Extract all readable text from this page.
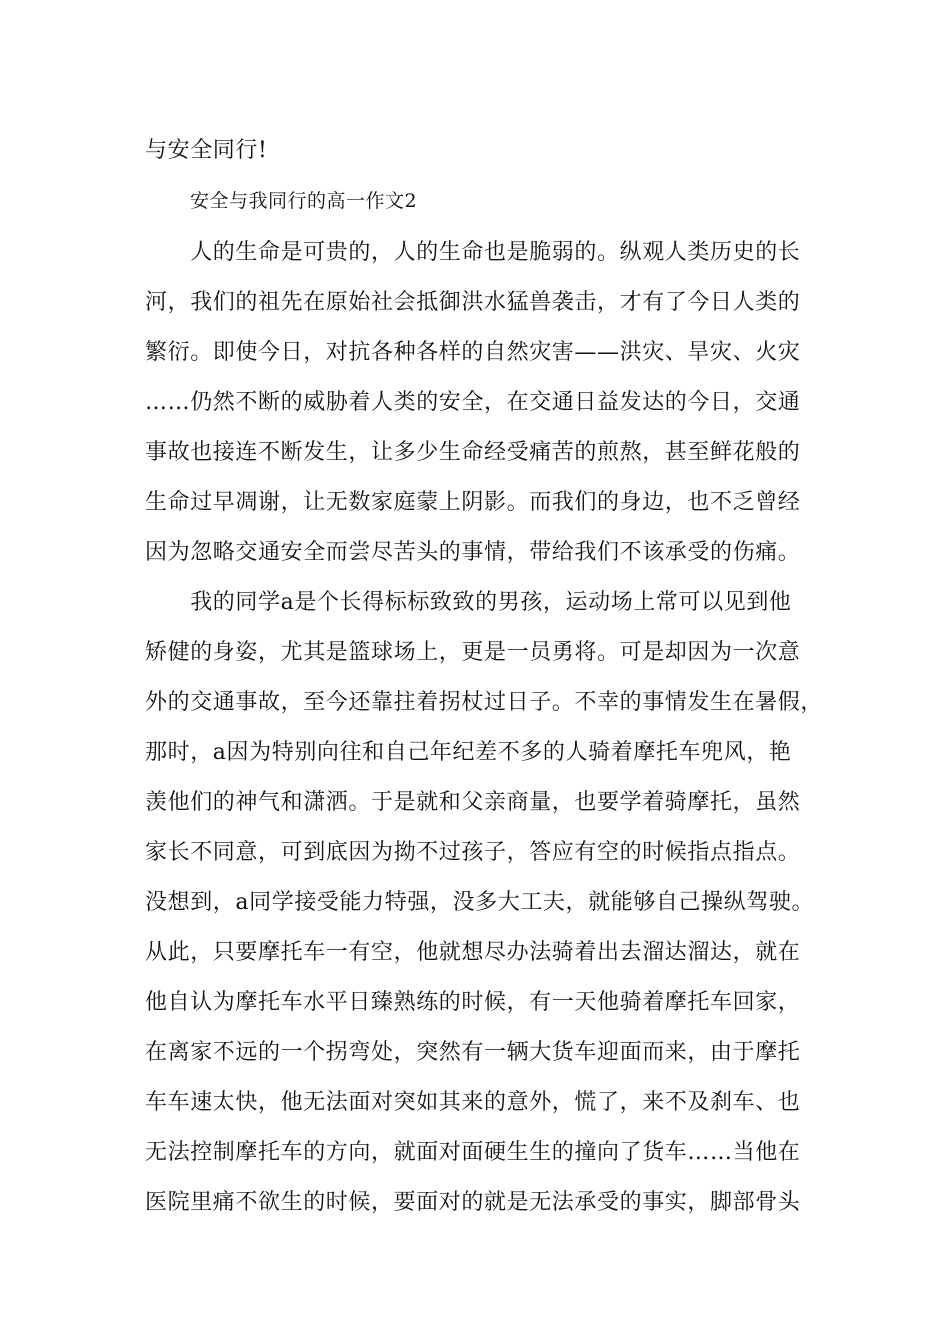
与安全同行!
安全与我同行的高一作文2
　　人的生命是可贵的，人的生命也是脆弱的。纵观人类历史的长
河，我们的祖先在原始社会抵御洪水猛兽袭击，才有了今日人类的
繁衍。即使今日，对抗各种各样的自然灾害——洪灾、旱灾、火灾
……仍然不断的威胁着人类的安全，在交通日益发达的今日，交通
事故也接连不断发生，让多少生命经受痛苦的煎熬，甚至鲜花般的
生命过早凋谢，让无数家庭蒙上阴影。而我们的身边，也不乏曾经
因为忽略交通安全而尝尽苦头的事情，带给我们不该承受的伤痛。
　　我的同学a是个长得标标致致的男孩，运动场上常可以见到他
矫健的身姿，尤其是篮球场上，更是一员勇将。可是却因为一次意
外的交通事故，至今还靠拄着拐杖过日子。不幸的事情发生在暑假，
那时，a因为特别向往和自己年纪差不多的人骑着摩托车兜风，艳
羡他们的神气和潇洒。于是就和父亲商量，也要学着骑摩托，虽然
家长不同意，可到底因为拗不过孩子，答应有空的时候指点指点。
没想到，a同学接受能力特强，没多大工夫，就能够自己操纵驾驶。
从此，只要摩托车一有空，他就想尽办法骑着出去溜达溜达，就在
他自认为摩托车水平日臻熟练的时候，有一天他骑着摩托车回家，
在离家不远的一个拐弯处，突然有一辆大货车迎面而来，由于摩托
车车速太快，他无法面对突如其来的意外，慌了，来不及刹车、也
无法控制摩托车的方向，就面对面硬生生的撞向了货车……当他在
医院里痛不欲生的时候，要面对的就是无法承受的事实，脚部骨头
